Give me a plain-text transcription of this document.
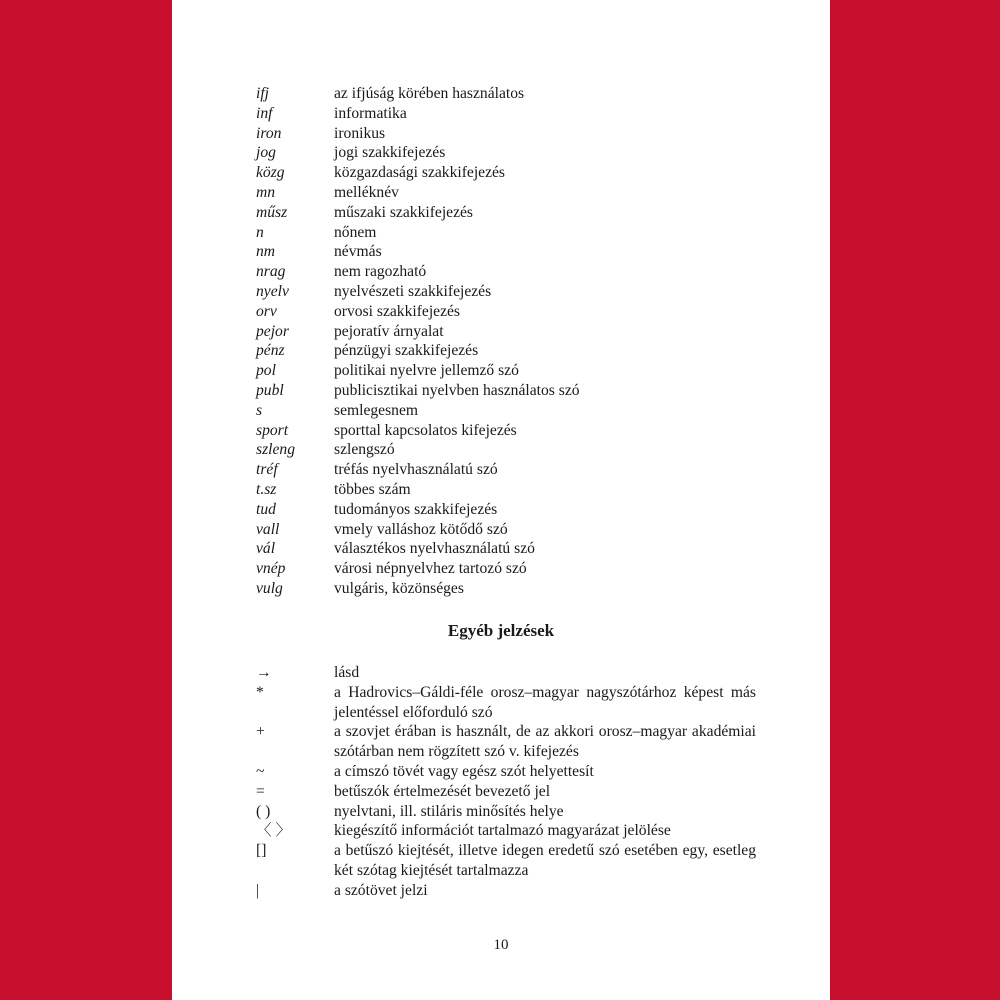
ifj	az ifjúság körében használatos
inf	informatika
iron	ironikus
jog	jogi szakkifejezés
közg	közgazdasági szakkifejezés
mn	melléknév
műsz	műszaki szakkifejezés
n	nőnem
nm	névmás
nrag	nem ragozható
nyelv	nyelvészeti szakkifejezés
orv	orvosi szakkifejezés
pejor	pejoratív árnyalat
pénz	pénzügyi szakkifejezés
pol	politikai nyelvre jellemző szó
publ	publicisztikai nyelvben használatos szó
s	semlegesnem
sport	sporttal kapcsolatos kifejezés
szleng	szlengszó
tréf	tréfás nyelvhasználatú szó
t.sz	többes szám
tud	tudományos szakkifejezés
vall	vmely valláshoz kötődő szó
vál	választékos nyelvhasználatú szó
vnép	városi népnyelvhez tartozó szó
vulg	vulgáris, közönséges
Egyéb jelzések
→	lásd
*	a Hadrovics–Gáldi-féle orosz–magyar nagyszótárhoz képest más jelentéssel előforduló szó
+	a szovjet érában is használt, de az akkori orosz–magyar akadémiai szótárban nem rögzített szó v. kifejezés
~	a címszó tövét vagy egész szót helyettesít
=	betűszók értelmezését bevezető jel
( )	nyelvtani, ill. stiláris minősítés helye
〈 〉	kiegészítő információt tartalmazó magyarázat jelölése
[]	a betűszó kiejtését, illetve idegen eredetű szó esetében egy, esetleg két szótag kiejtését tartalmazza
|	a szótövet jelzi
10
